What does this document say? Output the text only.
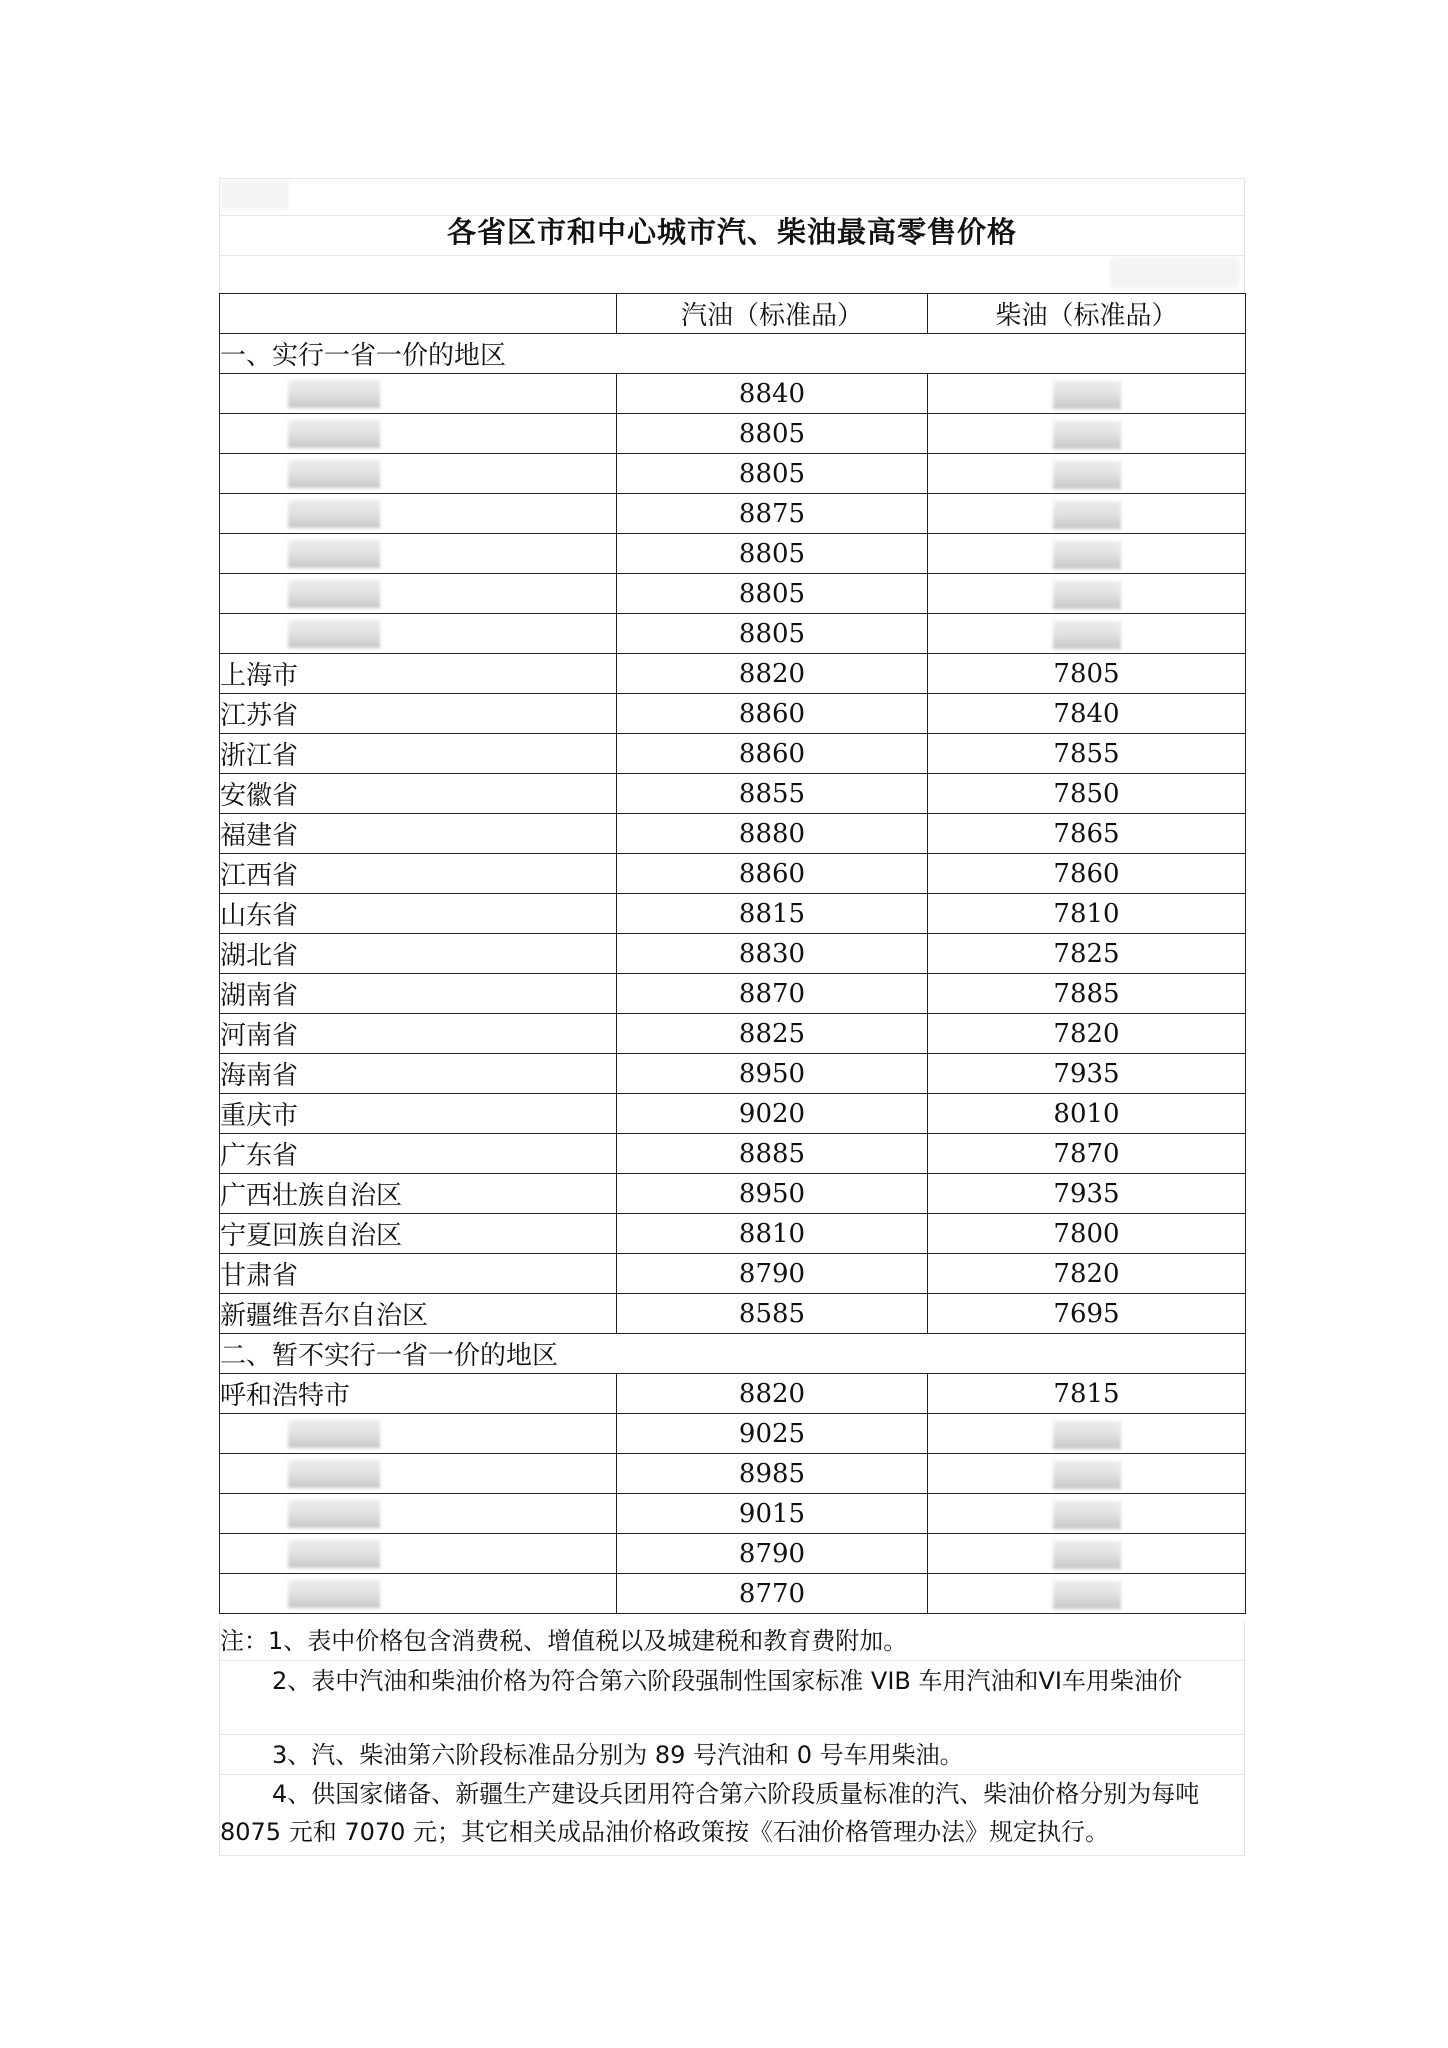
各省区市和中心城市汽、柴油最高零售价格
	汽油（标准品）	柴油（标准品）
一、实行一省一价的地区		
	8840	
	8805	
	8805	
	8875	
	8805	
	8805	
	8805	
上海市	8820	7805
江苏省	8860	7840
浙江省	8860	7855
安徽省	8855	7850
福建省	8880	7865
江西省	8860	7860
山东省	8815	7810
湖北省	8830	7825
湖南省	8870	7885
河南省	8825	7820
海南省	8950	7935
重庆市	9020	8010
广东省	8885	7870
广西壮族自治区	8950	7935
宁夏回族自治区	8810	7800
甘肃省	8790	7820
新疆维吾尔自治区	8585	7695
二、暂不实行一省一价的地区		
呼和浩特市	8820	7815
	9025	
	8985	
	9015	
	8790	
	8770	
注：1、表中价格包含消费税、增值税以及城建税和教育费附加。
2、表中汽油和柴油价格为符合第六阶段强制性国家标准 VIB 车用汽油和VI车用柴油价
3、汽、柴油第六阶段标准品分别为 89 号汽油和 0 号车用柴油。
4、供国家储备、新疆生产建设兵团用符合第六阶段质量标准的汽、柴油价格分别为每吨 8075 元和 7070 元；其它相关成品油价格政策按《石油价格管理办法》规定执行。
